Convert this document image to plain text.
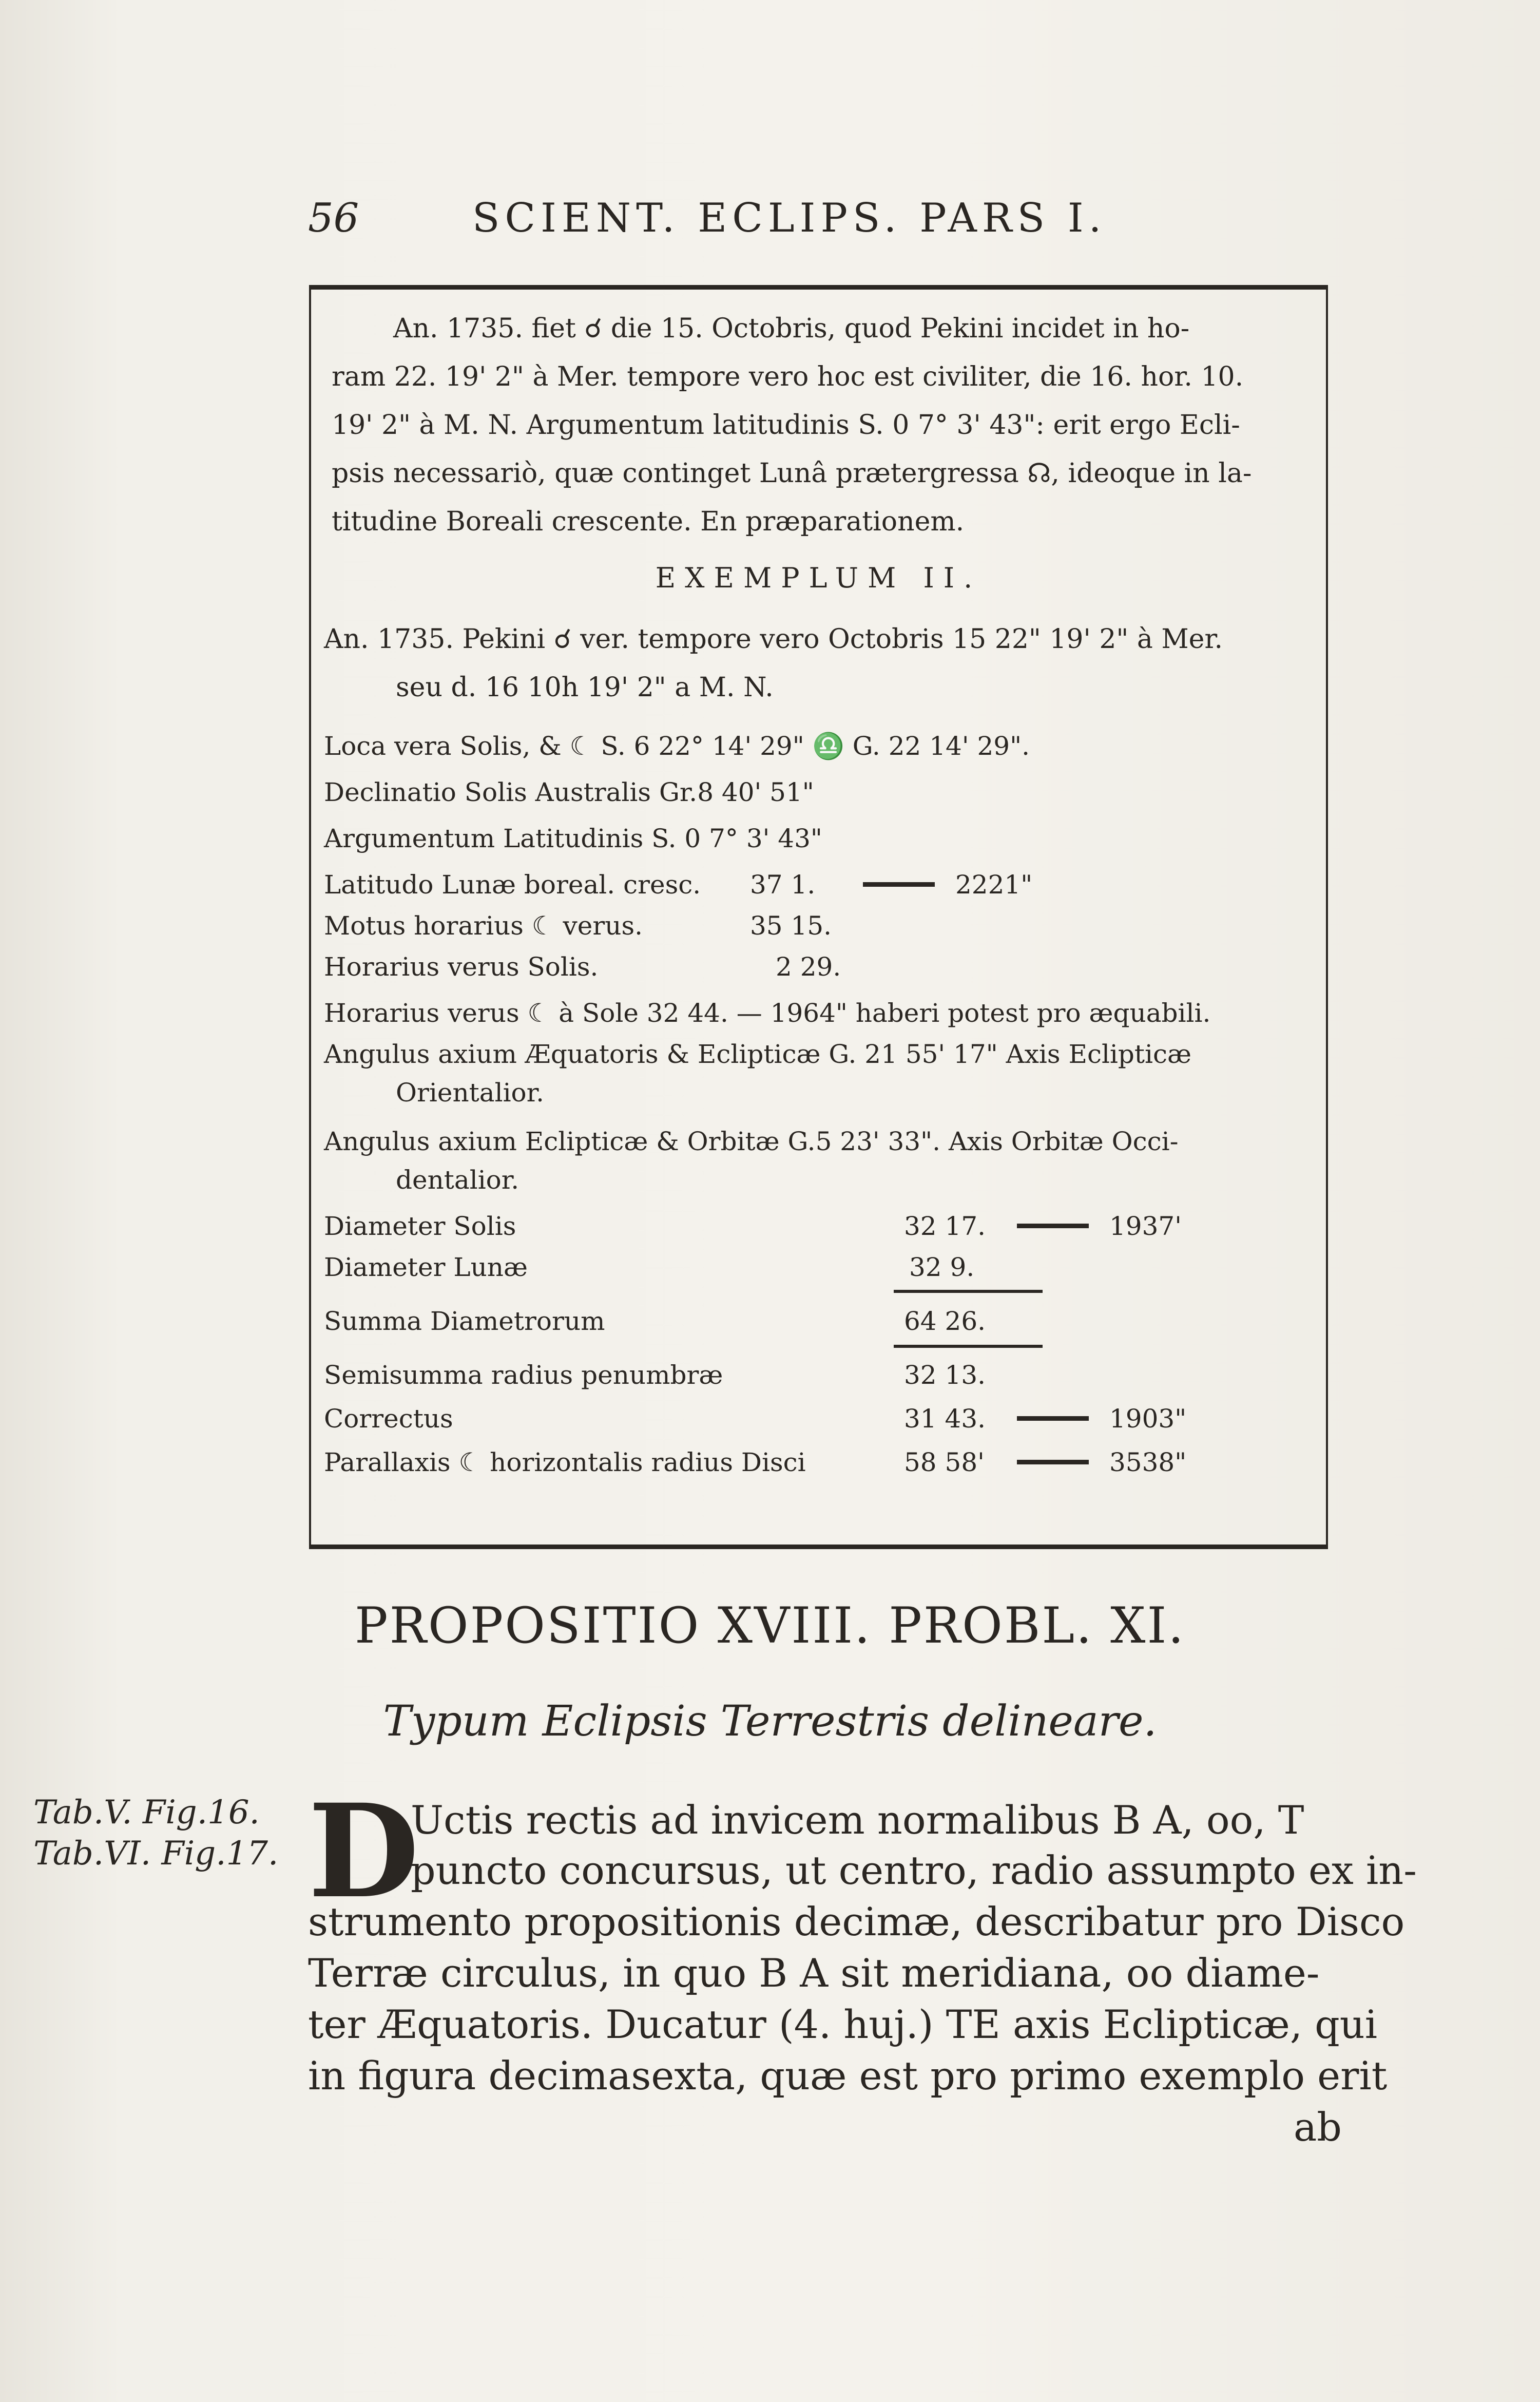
56	SCIENT. ECLIPS. PARS I.
An. 1735. fiet ☌ die 15. Octobris, quod Pekini incidet in ho-
ram 22. 19' 2" à Mer. tempore vero hoc est civiliter, die 16. hor. 10.
19' 2" à M. N. Argumentum latitudinis S. 0 7° 3' 43": erit ergo Ecli-
psis necessariò, quæ continget Lunâ prætergressa ☊, ideoque in la-
titudine Boreali crescente. En præparationem.
EXEMPLUM II.
An. 1735. Pekini ☌ ver. tempore vero Octobris 15 22" 19' 2" à Mer.
seu d. 16 10h 19' 2" a M. N.
Loca vera Solis, & ☾ S. 6 22° 14' 29" ♎ G. 22 14' 29".
Declinatio Solis Australis Gr.8 40' 51"
Argumentum Latitudinis S. 0 7° 3' 43"
Latitudo Lunæ boreal. cresc. 37 1.	2221"
Motus horarius ☾ verus.	35 15.
Horarius verus Solis.	2 29.
Horarius verus ☾ à Sole 32 44. — 1964" haberi potest pro æquabili.
Angulus axium Æquatoris & Eclipticæ G. 21 55' 17" Axis Eclipticæ
Orientalior.
Angulus axium Eclipticæ & Orbitæ G.5 23' 33". Axis Orbitæ Occi-
dentalior.
Diameter Solis	32 17.	1937'
Diameter Lunæ	32 9.
Summa Diametrorum	64 26.
Semisumma radius penumbræ	32 13.
Correctus	31 43.	1903"
Parallaxis ☾ horizontalis radius Disci	58 58'	3538"
PROPOSITIO XVIII. PROBL. XI.
Typum Eclipsis Terrestris delineare.
Tab.V. Fig.16.
Tab.VI. Fig.17. D
Uctis rectis ad invicem normalibus B A, oo, T
puncto concursus, ut centro, radio assumpto ex in-
strumento propositionis decimæ, describatur pro Disco
Terræ circulus, in quo B A sit meridiana, oo diame-
ter Æquatoris. Ducatur (4. huj.) TE axis Eclipticæ, qui
in figura decimasexta, quæ est pro primo exemplo erit
ab
